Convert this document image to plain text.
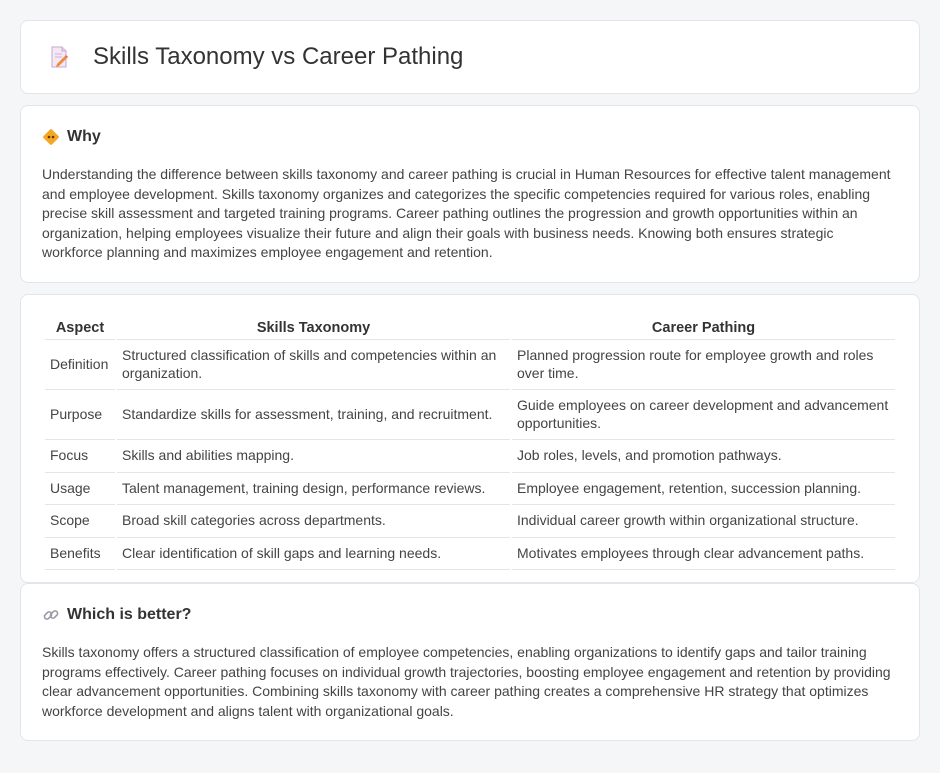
Skills Taxonomy vs Career Pathing
Why

Understanding the difference between skills taxonomy and career pathing is crucial in Human Resources for effective talent management and employee development. Skills taxonomy organizes and categorizes the specific competencies required for various roles, enabling precise skill assessment and targeted training programs. Career pathing outlines the progression and growth opportunities within an organization, helping employees visualize their future and align their goals with business needs. Knowing both ensures strategic workforce planning and maximizes employee engagement and retention.

Aspect	Skills Taxonomy	Career Pathing
Definition	Structured classification of skills and competencies within an organization.	Planned progression route for employee growth and roles over time.
Purpose	Standardize skills for assessment, training, and recruitment.	Guide employees on career development and advancement opportunities.
Focus	Skills and abilities mapping.	Job roles, levels, and promotion pathways.
Usage	Talent management, training design, performance reviews.	Employee engagement, retention, succession planning.
Scope	Broad skill categories across departments.	Individual career growth within organizational structure.
Benefits	Clear identification of skill gaps and learning needs.	Motivates employees through clear advancement paths.
Which is better?

Skills taxonomy offers a structured classification of employee competencies, enabling organizations to identify gaps and tailor training programs effectively. Career pathing focuses on individual growth trajectories, boosting employee engagement and retention by providing clear advancement opportunities. Combining skills taxonomy with career pathing creates a comprehensive HR strategy that optimizes workforce development and aligns talent with organizational goals.
